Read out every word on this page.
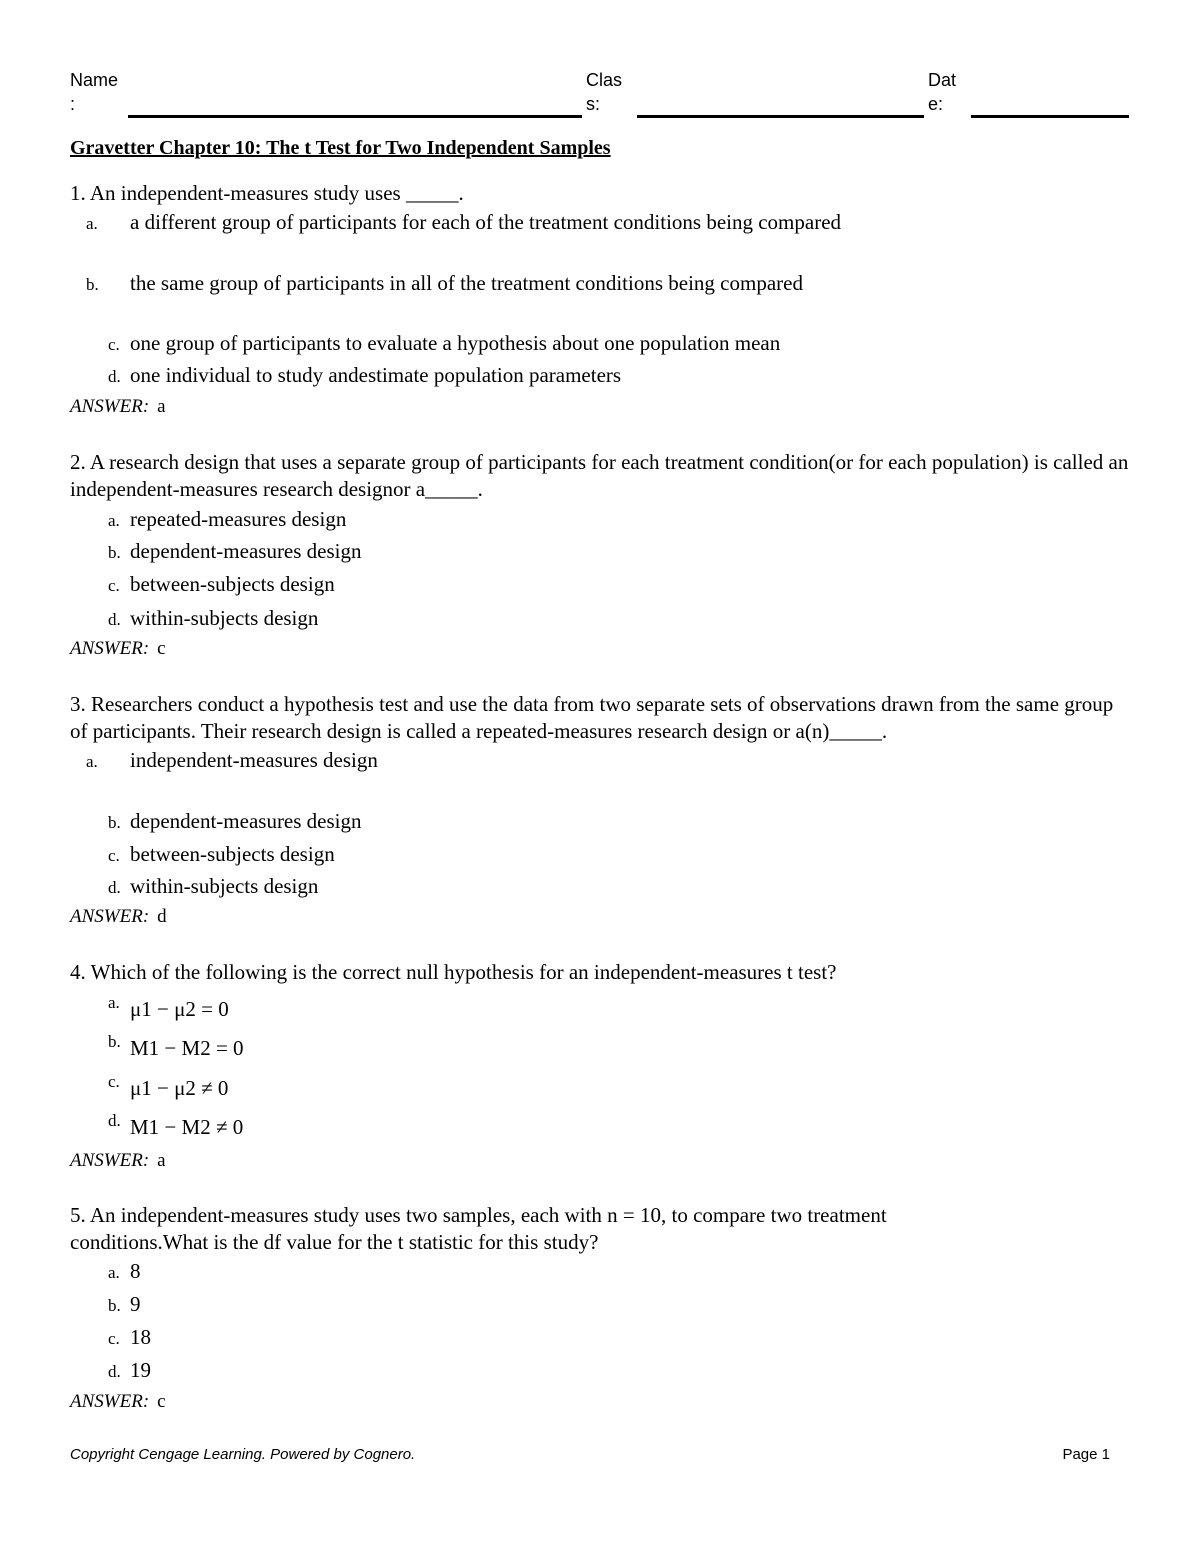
Name
:
Clas
s:
Dat
e:
Gravetter Chapter 10: The t Test for Two Independent Samples
1. An independent-measures study uses _____.
a. a different group of participants for each of the treatment conditions being compared
b. the same group of participants in all of the treatment conditions being compared
c. one group of participants to evaluate a hypothesis about one population mean
d. one individual to study andestimate population parameters
ANSWER: a
2. A research design that uses a separate group of participants for each treatment condition(or for each population) is called an independent-measures research designor a_____.
a. repeated-measures design
b. dependent-measures design
c. between-subjects design
d. within-subjects design
ANSWER: c
3. Researchers conduct a hypothesis test and use the data from two separate sets of observations drawn from the same group of participants. Their research design is called a repeated-measures research design or a(n)_____.
a. independent-measures design
b. dependent-measures design
c. between-subjects design
d. within-subjects design
ANSWER: d
4. Which of the following is the correct null hypothesis for an independent-measures t test?
a. μ1 − μ2 = 0
b. M1 − M2 = 0
c. μ1 − μ2 ≠ 0
d. M1 − M2 ≠ 0
ANSWER: a
5. An independent-measures study uses two samples, each with n = 10, to compare two treatment conditions.What is the df value for the t statistic for this study?
a. 8
b. 9
c. 18
d. 19
ANSWER: c
Copyright Cengage Learning. Powered by Cognero.	Page 1
